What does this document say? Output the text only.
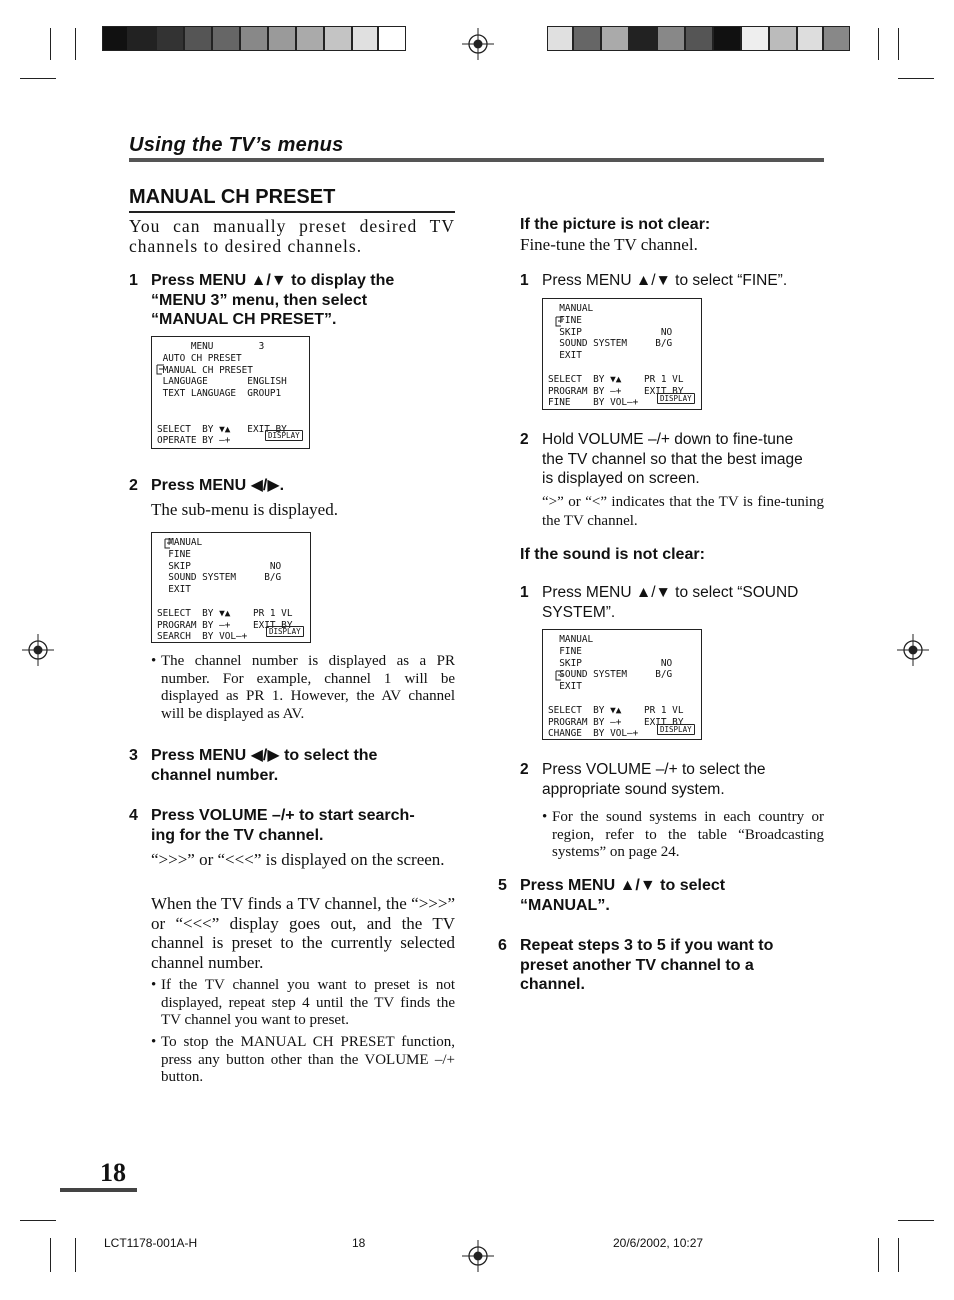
Using the TV’s menus
MANUAL CH PRESET
You can manually preset desired TV channels to desired channels.
1 Press MENU ▲/▼ to display the
“MENU 3” menu, then select
“MANUAL CH PRESET”.
MENU        3
AUTO CH PRESET
MANUAL CH PRESET
LANGUAGE       ENGLISH
TEXT LANGUAGE  GROUP1

SELECT  BY ▼▲   EXIT BY
OPERATE BY –+	DISPLAY
2 Press MENU ◀/▶.
The sub-menu is displayed.
MANUAL
FINE
SKIP              NO
SOUND SYSTEM     B/G
EXIT

SELECT  BY ▼▲    PR 1 VL
PROGRAM BY –+    EXIT BY
SEARCH  BY VOL–+	DISPLAY
• The channel number is displayed as a PR number. For example, channel 1 will be displayed as PR 1. However, the AV channel will be displayed as AV.
3 Press MENU ◀/▶ to select the
channel number.
4 Press VOLUME –/+ to start search-
ing for the TV channel.
“>>>” or “<<<” is displayed on the screen.
When the TV finds a TV channel, the “>>>” or “<<<” display goes out, and the TV channel is preset to the currently selected channel number.
• If the TV channel you want to preset is not displayed, repeat step 4 until the TV finds the TV channel you want to preset.
• To stop the MANUAL CH PRESET function, press any button other than the VOLUME –/+ button.
If the picture is not clear:
Fine-tune the TV channel.
1 Press MENU ▲/▼ to select “FINE”.
MANUAL
FINE
SKIP              NO
SOUND SYSTEM     B/G
EXIT

SELECT  BY ▼▲    PR 1 VL
PROGRAM BY –+    EXIT BY
FINE    BY VOL–+	DISPLAY
2 Hold VOLUME –/+ down to fine-tune
the TV channel so that the best image
is displayed on screen.
“>” or “<” indicates that the TV is fine-tuning the TV channel.
If the sound is not clear:
1 Press MENU ▲/▼ to select “SOUND
SYSTEM”.
MANUAL
FINE
SKIP              NO
SOUND SYSTEM     B/G
EXIT

SELECT  BY ▼▲    PR 1 VL
PROGRAM BY –+    EXIT BY
CHANGE  BY VOL–+	DISPLAY
2 Press VOLUME –/+ to select the
appropriate sound system.
• For the sound systems in each country or region, refer to the table “Broadcasting systems” on page 24.
5 Press MENU ▲/▼ to select
“MANUAL”.
6 Repeat steps 3 to 5 if you want to
preset another TV channel to a
channel.
18
LCT1178-001A-H	18	20/6/2002, 10:27
